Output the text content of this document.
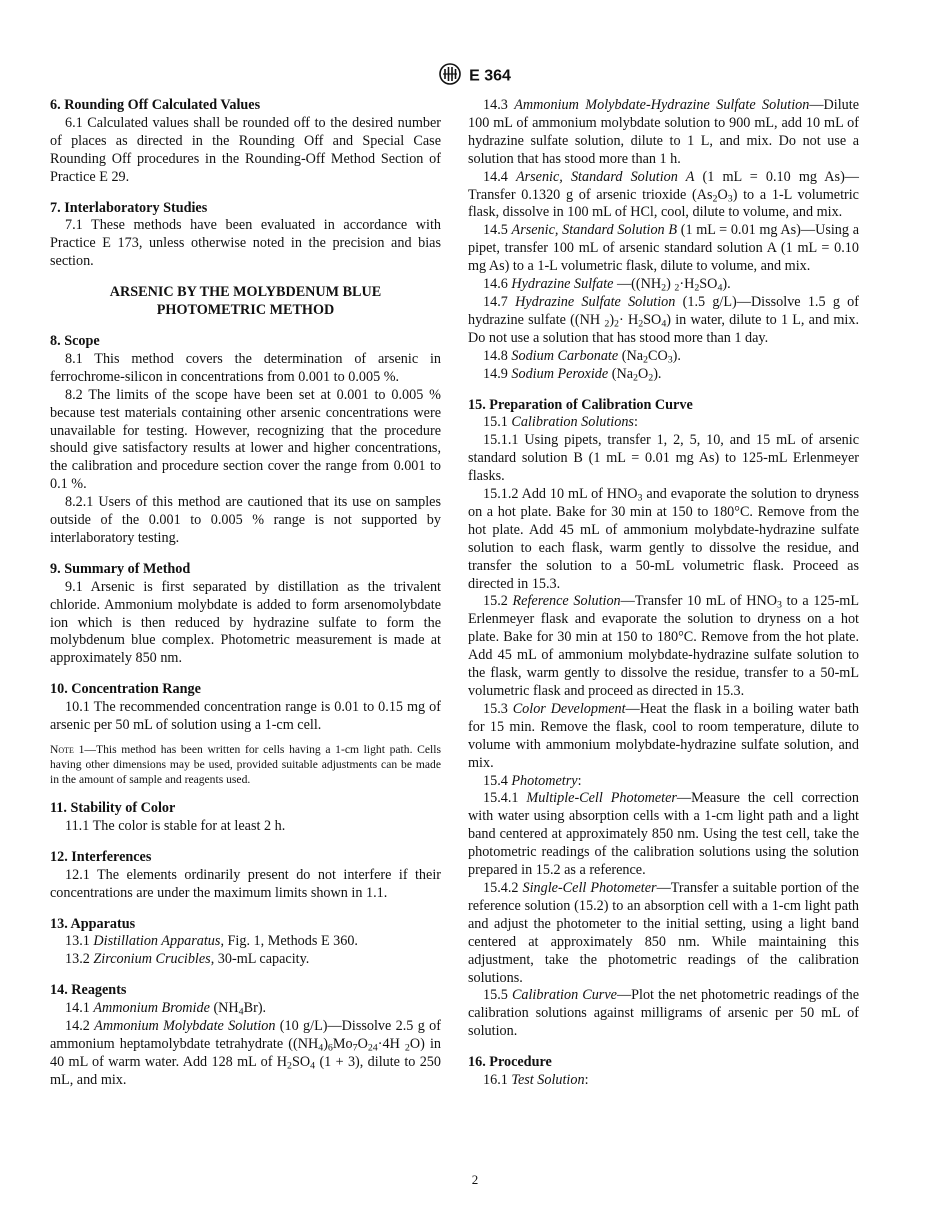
E 364
6. Rounding Off Calculated Values

6.1 Calculated values shall be rounded off to the desired number of places as directed in the Rounding Off and Special Case Rounding Off procedures in the Rounding-Off Method Section of Practice E 29.

7. Interlaboratory Studies

7.1 These methods have been evaluated in accordance with Practice E 173, unless otherwise noted in the precision and bias section.

ARSENIC BY THE MOLYBDENUM BLUE
PHOTOMETRIC METHOD
8. Scope

8.1 This method covers the determination of arsenic in ferrochrome-silicon in concentrations from 0.001 to 0.005 %.

8.2 The limits of the scope have been set at 0.001 to 0.005 % because test materials containing other arsenic concentrations were unavailable for testing. However, recognizing that the procedure should give satisfactory results at lower and higher concentrations, the calibration and procedure section cover the range from 0.001 to 0.1 %.

8.2.1 Users of this method are cautioned that its use on samples outside of the 0.001 to 0.005 % range is not supported by interlaboratory testing.

9. Summary of Method

9.1 Arsenic is first separated by distillation as the trivalent chloride. Ammonium molybdate is added to form arsenomolybdate ion which is then reduced by hydrazine sulfate to form the molybdenum blue complex. Photometric measurement is made at approximately 850 nm.

10. Concentration Range

10.1 The recommended concentration range is 0.01 to 0.15 mg of arsenic per 50 mL of solution using a 1-cm cell.

Note 1—This method has been written for cells having a 1-cm light path. Cells having other dimensions may be used, provided suitable adjustments can be made in the amount of sample and reagents used.

11. Stability of Color

11.1 The color is stable for at least 2 h.

12. Interferences

12.1 The elements ordinarily present do not interfere if their concentrations are under the maximum limits shown in 1.1.

13. Apparatus

13.1 Distillation Apparatus, Fig. 1, Methods E 360.

13.2 Zirconium Crucibles, 30-mL capacity.

14. Reagents

14.1 Ammonium Bromide $(NH_4Br)$.

14.2 Ammonium Molybdate Solution (10 g/L)—Dissolve 2.5 g of ammonium heptamolybdate tetrahydrate ($(NH_4)_6Mo_7O_{24}\cdot 4H$ $_2$O) in 40 mL of warm water. Add 128 mL of $H_2SO_4$ (1 + 3), dilute to 250 mL, and mix.

14.3 Ammonium Molybdate-Hydrazine Sulfate Solution—Dilute 100 mL of ammonium molybdate solution to 900 mL, add 10 mL of hydrazine sulfate solution, dilute to 1 L, and mix. Do not use a solution that has stood more than 1 h.

14.4 Arsenic, Standard Solution A (1 mL = 0.10 mg As)—Transfer 0.1320 g of arsenic trioxide $(As_2O_3)$ to a 1-L volumetric flask, dissolve in 100 mL of HCl, cool, dilute to volume, and mix.

14.5 Arsenic, Standard Solution B (1 mL = 0.01 mg As)—Using a pipet, transfer 100 mL of arsenic standard solution A (1 mL = 0.10 mg As) to a 1-L volumetric flask, dilute to volume, and mix.

14.6 Hydrazine Sulfate $—((NH_2)$ $_2\cdot H_2SO_4$).

14.7 Hydrazine Sulfate Solution (1.5 g/L)—Dissolve 1.5 g of hydrazine sulfate ((NH $_2)_2\cdot H_2SO_4$) in water, dilute to 1 L, and mix. Do not use a solution that has stood more than 1 day.

14.8 Sodium Carbonate $(Na_2CO_3)$.

14.9 Sodium Peroxide $(Na_2O_2)$.

15. Preparation of Calibration Curve

15.1 Calibration Solutions:

15.1.1 Using pipets, transfer 1, 2, 5, 10, and 15 mL of arsenic standard solution B (1 mL = 0.01 mg As) to 125-mL Erlenmeyer flasks.

15.1.2 Add 10 mL of $HNO_3$ and evaporate the solution to dryness on a hot plate. Bake for 30 min at 150 to 180°C. Remove from the hot plate. Add 45 mL of ammonium molybdate-hydrazine sulfate solution to each flask, warm gently to dissolve the residue, and transfer the solution to a 50-mL volumetric flask. Proceed as directed in 15.3.

15.2 Reference Solution—Transfer 10 mL of $HNO_3$ to a 125-mL Erlenmeyer flask and evaporate the solution to dryness on a hot plate. Bake for 30 min at 150 to 180°C. Remove from the hot plate. Add 45 mL of ammonium molybdate-hydrazine sulfate solution to the flask, warm gently to dissolve the residue, transfer to a 50-mL volumetric flask and proceed as directed in 15.3.

15.3 Color Development—Heat the flask in a boiling water bath for 15 min. Remove the flask, cool to room temperature, dilute to volume with ammonium molybdate-hydrazine sulfate solution, and mix.

15.4 Photometry:

15.4.1 Multiple-Cell Photometer—Measure the cell correction with water using absorption cells with a 1-cm light path and a light band centered at approximately 850 nm. Using the test cell, take the photometric readings of the calibration solutions using the solution prepared in 15.2 as a reference.

15.4.2 Single-Cell Photometer—Transfer a suitable portion of the reference solution (15.2) to an absorption cell with a 1-cm light path and adjust the photometer to the initial setting, using a light band centered at approximately 850 nm. While maintaining this adjustment, take the photometric readings of the calibration solutions.

15.5 Calibration Curve—Plot the net photometric readings of the calibration solutions against milligrams of arsenic per 50 mL of solution.

16. Procedure

16.1 Test Solution:

2
